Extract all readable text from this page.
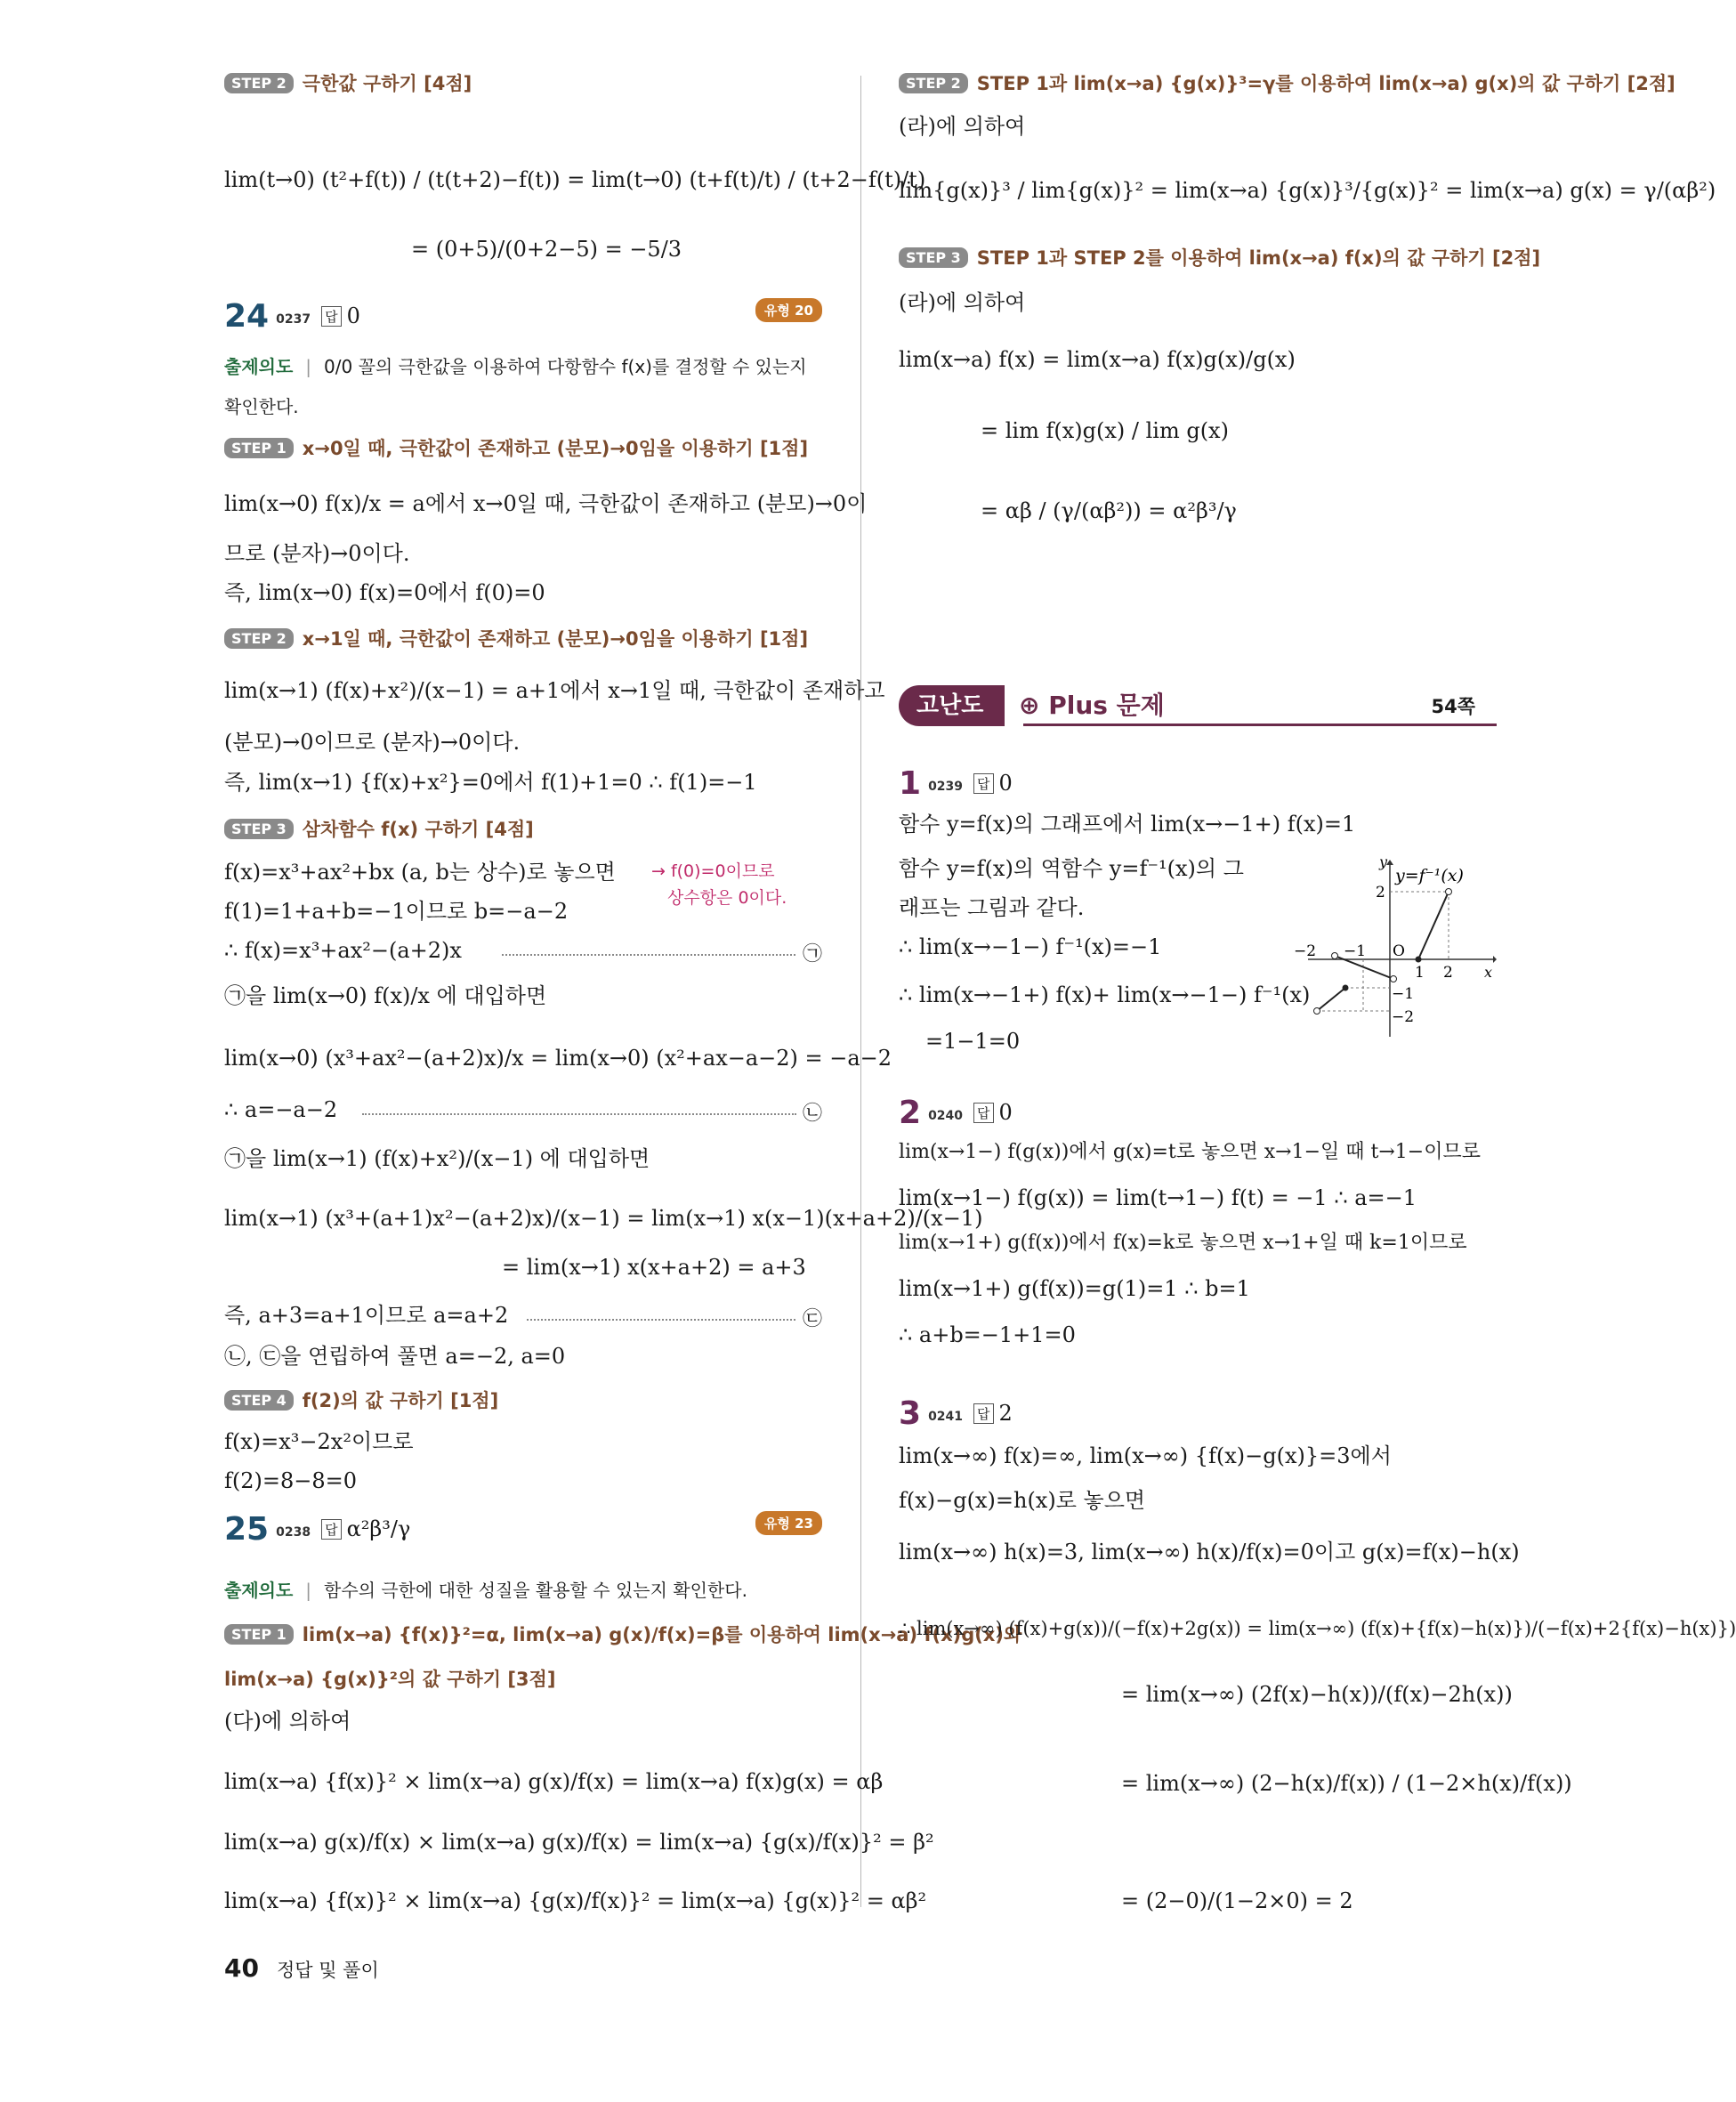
STEP 2 극한값 구하기 [4점]
lim(t→0) (t²+f(t)) / (t(t+2)−f(t)) = lim(t→0) (t+f(t)/t) / (t+2−f(t)/t)
= (0+5)/(0+2−5) = −5/3
24 0237 답 0	유형 20
출제의도 | 0/0 꼴의 극한값을 이용하여 다항함수 f(x)를 결정할 수 있는지
확인한다.
STEP 1 x→0일 때, 극한값이 존재하고 (분모)→0임을 이용하기 [1점]
lim(x→0) f(x)/x = a에서 x→0일 때, 극한값이 존재하고 (분모)→0이
므로 (분자)→0이다.
즉, lim(x→0) f(x)=0에서 f(0)=0
STEP 2 x→1일 때, 극한값이 존재하고 (분모)→0임을 이용하기 [1점]
lim(x→1) (f(x)+x²)/(x−1) = a+1에서 x→1일 때, 극한값이 존재하고
(분모)→0이므로 (분자)→0이다.
즉, lim(x→1) {f(x)+x²}=0에서 f(1)+1=0 ∴ f(1)=−1
STEP 3 삼차함수 f(x) 구하기 [4점]
f(x)=x³+ax²+bx (a, b는 상수)로 놓으면 → f(0)=0이므로
상수항은 0이다.
f(1)=1+a+b=−1이므로 b=−a−2
∴ f(x)=x³+ax²−(a+2)x	㉠
㉠을 lim(x→0) f(x)/x 에 대입하면
lim(x→0) (x³+ax²−(a+2)x)/x = lim(x→0) (x²+ax−a−2) = −a−2
∴ a=−a−2	㉡
㉠을 lim(x→1) (f(x)+x²)/(x−1) 에 대입하면
lim(x→1) (x³+(a+1)x²−(a+2)x)/(x−1) = lim(x→1) x(x−1)(x+a+2)/(x−1)
= lim(x→1) x(x+a+2) = a+3
즉, a+3=a+1이므로 a=a+2	㉢
㉡, ㉢을 연립하여 풀면 a=−2, a=0
STEP 4 f(2)의 값 구하기 [1점]
f(x)=x³−2x²이므로
f(2)=8−8=0
25 0238 답 α²β³/γ	유형 23
출제의도 | 함수의 극한에 대한 성질을 활용할 수 있는지 확인한다.
STEP 1 lim(x→a) {f(x)}²=α, lim(x→a) g(x)/f(x)=β를 이용하여 lim(x→a) f(x)g(x)와
lim(x→a) {g(x)}²의 값 구하기 [3점]
(다)에 의하여
lim(x→a) {f(x)}² × lim(x→a) g(x)/f(x) = lim(x→a) f(x)g(x) = αβ
lim(x→a) g(x)/f(x) × lim(x→a) g(x)/f(x) = lim(x→a) {g(x)/f(x)}² = β²
lim(x→a) {f(x)}² × lim(x→a) {g(x)/f(x)}² = lim(x→a) {g(x)}² = αβ²
STEP 2 STEP 1과 lim(x→a) {g(x)}³=γ를 이용하여 lim(x→a) g(x)의 값 구하기 [2점]
(라)에 의하여
lim{g(x)}³ / lim{g(x)}² = lim(x→a) {g(x)}³/{g(x)}² = lim(x→a) g(x) = γ/(αβ²)
STEP 3 STEP 1과 STEP 2를 이용하여 lim(x→a) f(x)의 값 구하기 [2점]
(라)에 의하여
lim(x→a) f(x) = lim(x→a) f(x)g(x)/g(x)
= lim f(x)g(x) / lim g(x)
= αβ / (γ/(αβ²)) = α²β³/γ
고난도	⊕ Plus 문제	54쪽
1 0239 답 0
함수 y=f(x)의 그래프에서 lim(x→−1+) f(x)=1
함수 y=f(x)의 역함수 y=f⁻¹(x)의 그
래프는 그림과 같다.
∴ lim(x→−1−) f⁻¹(x)=−1
∴ lim(x→−1+) f(x)+ lim(x→−1−) f⁻¹(x)
=1−1=0
y=f⁻¹(x)
y
x
O
−2 −1
1 2
2
−1
−2
2 0240 답 0
lim(x→1−) f(g(x))에서 g(x)=t로 놓으면 x→1−일 때 t→1−이므로
lim(x→1−) f(g(x)) = lim(t→1−) f(t) = −1 ∴ a=−1
lim(x→1+) g(f(x))에서 f(x)=k로 놓으면 x→1+일 때 k=1이므로
lim(x→1+) g(f(x))=g(1)=1 ∴ b=1
∴ a+b=−1+1=0
3 0241 답 2
lim(x→∞) f(x)=∞, lim(x→∞) {f(x)−g(x)}=3에서
f(x)−g(x)=h(x)로 놓으면
lim(x→∞) h(x)=3, lim(x→∞) h(x)/f(x)=0이고 g(x)=f(x)−h(x)
∴ lim(x→∞) (f(x)+g(x))/(−f(x)+2g(x)) = lim(x→∞) (f(x)+{f(x)−h(x)})/(−f(x)+2{f(x)−h(x)})
= lim(x→∞) (2f(x)−h(x))/(f(x)−2h(x))
= lim(x→∞) (2−h(x)/f(x)) / (1−2×h(x)/f(x))
= (2−0)/(1−2×0) = 2
40 정답 및 풀이
